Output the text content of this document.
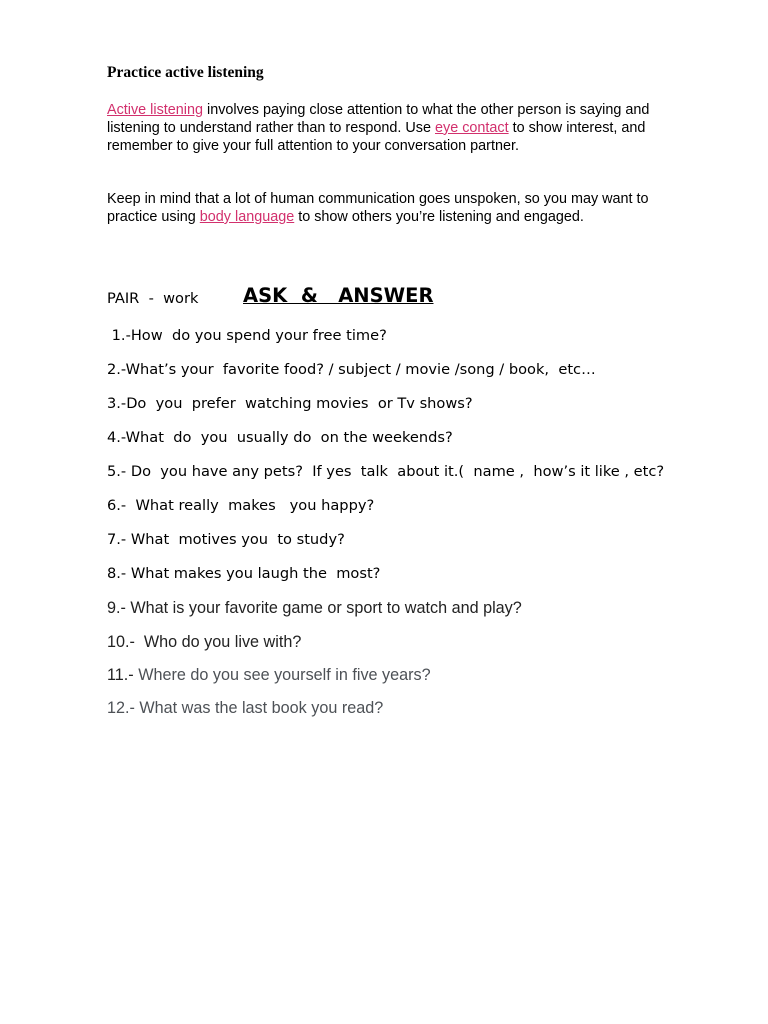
Practice active listening
Active listening involves paying close attention to what the other person is saying and listening to understand rather than to respond. Use eye contact to show interest, and remember to give your full attention to your conversation partner.
Keep in mind that a lot of human communication goes unspoken, so you may want to practice using body language to show others you’re listening and engaged.
PAIR  -  work ASK  &   ANSWER
1.-How  do you spend your free time?
2.-What’s your  favorite food? / subject / movie /song / book,  etc…
3.-Do  you  prefer  watching movies  or Tv shows?
4.-What  do  you  usually do  on the weekends?
5.- Do  you have any pets?  If yes  talk  about it.(  name ,  how’s it like , etc?
6.-  What really  makes   you happy?
7.- What  motives you  to study?
8.- What makes you laugh the  most?
9.- What is your favorite game or sport to watch and play?
10.-  Who do you live with?
11.- Where do you see yourself in five years?
12.- What was the last book you read?
